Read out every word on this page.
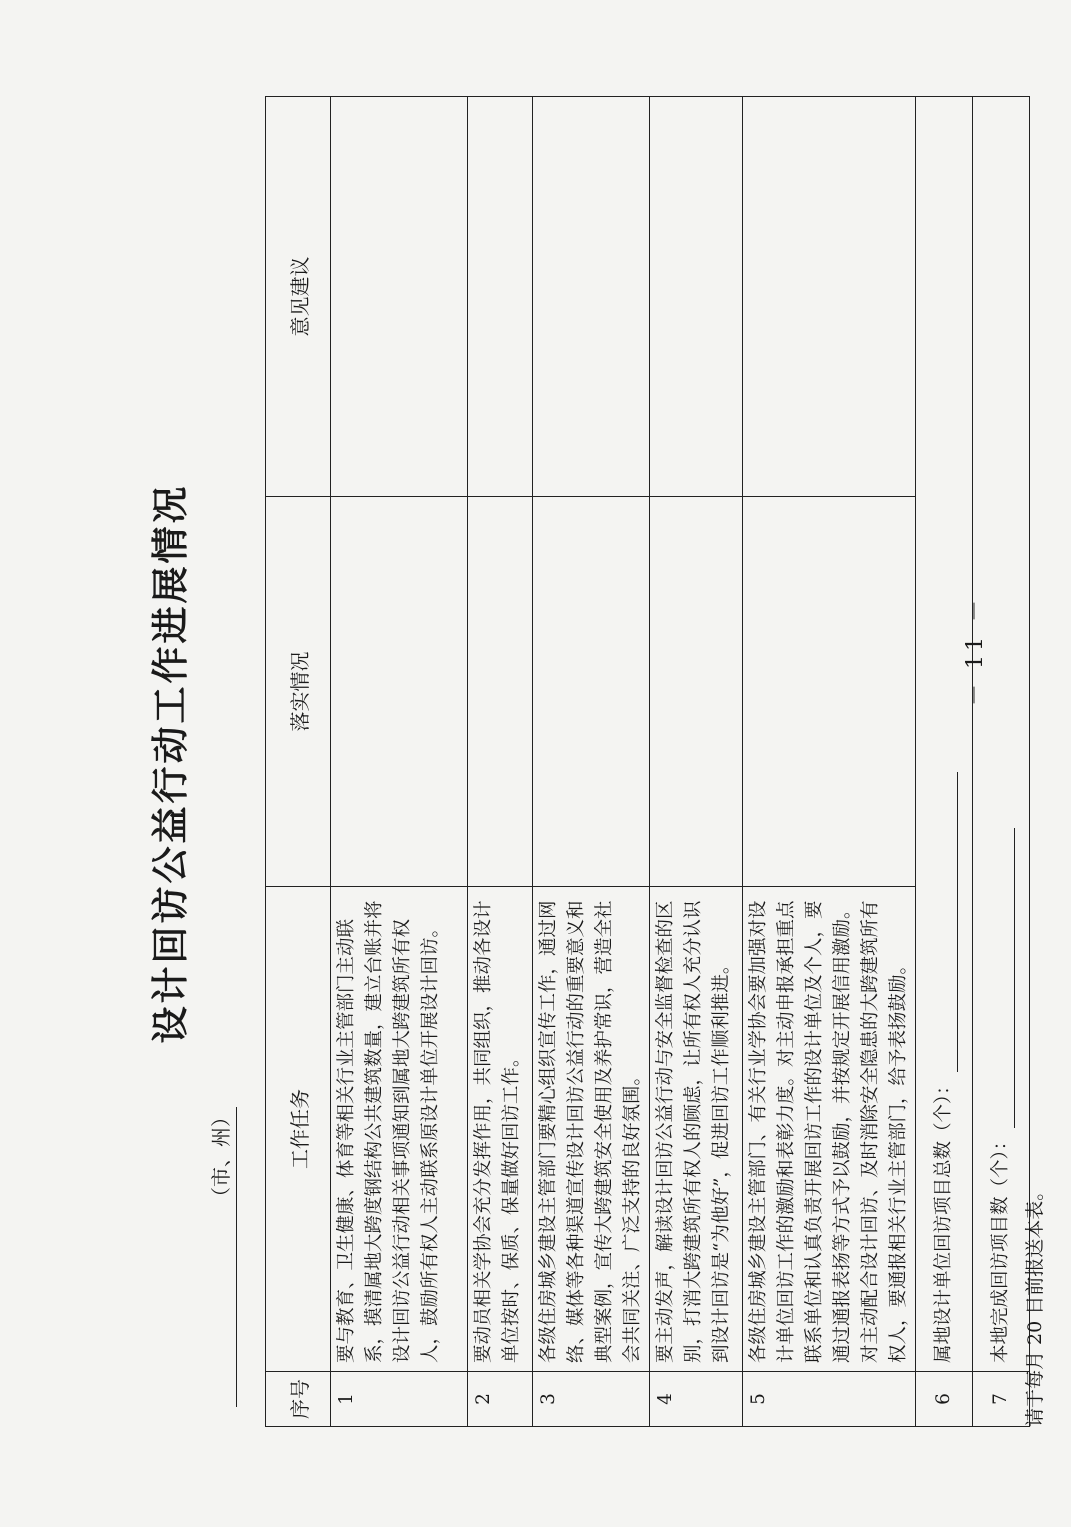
设计回访公益行动工作进展情况
（市、州）
序号	工作任务	落实情况	意见建议
1	要与教育、卫生健康、体育等相关行业主管部门主动联系，摸清属地大跨度钢结构公共建筑数量，建立台账并将设计回访公益行动相关事项通知到属地大跨建筑所有权人，鼓励所有权人主动联系原设计单位开展设计回访。		
2	要动员相关学协会充分发挥作用，共同组织，推动各设计单位按时、保质、保量做好回访工作。		
3	各级住房城乡建设主管部门要精心组织宣传工作，通过网络、媒体等各种渠道宣传设计回访公益行动的重要意义和典型案例，宣传大跨建筑安全使用及养护常识，营造全社会共同关注、广泛支持的良好氛围。		
4	要主动发声，解读设计回访公益行动与安全监督检查的区别，打消大跨建筑所有权人的顾虑，让所有权人充分认识到设计回访是“为他好”，促进回访工作顺利推进。		
5	各级住房城乡建设主管部门、有关行业学协会要加强对设计单位回访工作的激励和表彰力度。对主动申报承担重点联系单位和认真负责开展回访工作的设计单位及个人，要通过通报表扬等方式予以鼓励，并按规定开展信用激励。对主动配合设计回访、及时消除安全隐患的大跨建筑所有权人，要通报相关行业主管部门，给予表扬鼓励。		
6	属地设计单位回访项目总数（个）：		
7	本地完成回访项目数（个）：		请于每月 20 日前报送本表。
－ 11 －
